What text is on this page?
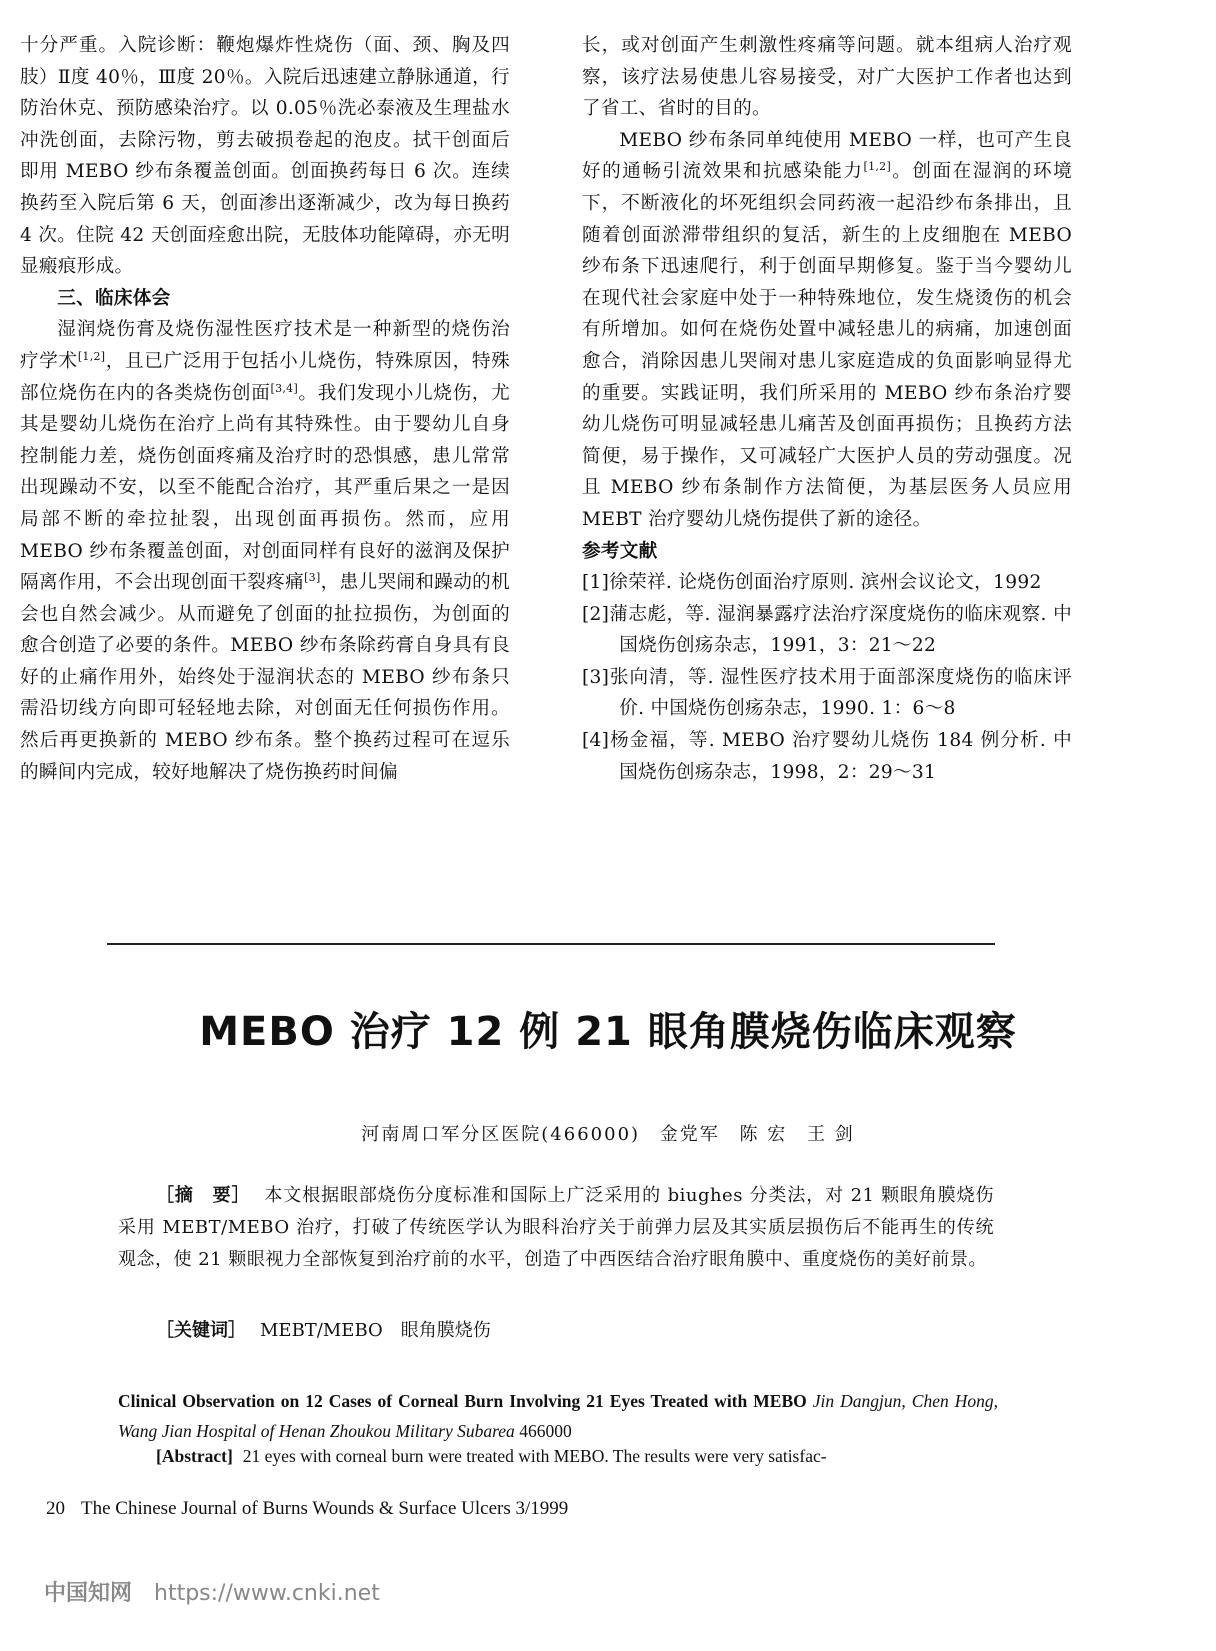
十分严重。入院诊断：鞭炮爆炸性烧伤（面、颈、胸及四肢）Ⅱ度 40％，Ⅲ度 20％。入院后迅速建立静脉通道，行防治休克、预防感染治疗。以 0.05％洗必泰液及生理盐水冲洗创面，去除污物，剪去破损卷起的泡皮。拭干创面后即用 MEBO 纱布条覆盖创面。创面换药每日 6 次。连续换药至入院后第 6 天，创面渗出逐渐减少，改为每日换药 4 次。住院 42 天创面痊愈出院，无肢体功能障碍，亦无明显瘢痕形成。

三、临床体会

湿润烧伤膏及烧伤湿性医疗技术是一种新型的烧伤治疗学术[1,2]，且已广泛用于包括小儿烧伤，特殊原因，特殊部位烧伤在内的各类烧伤创面[3,4]。我们发现小儿烧伤，尤其是婴幼儿烧伤在治疗上尚有其特殊性。由于婴幼儿自身控制能力差，烧伤创面疼痛及治疗时的恐惧感，患儿常常出现躁动不安，以至不能配合治疗，其严重后果之一是因局部不断的牵拉扯裂，出现创面再损伤。然而，应用 MEBO 纱布条覆盖创面，对创面同样有良好的滋润及保护隔离作用，不会出现创面干裂疼痛[3]，患儿哭闹和躁动的机会也自然会减少。从而避免了创面的扯拉损伤，为创面的愈合创造了必要的条件。MEBO 纱布条除药膏自身具有良好的止痛作用外，始终处于湿润状态的 MEBO 纱布条只需沿切线方向即可轻轻地去除，对创面无任何损伤作用。然后再更换新的 MEBO 纱布条。整个换药过程可在逗乐的瞬间内完成，较好地解决了烧伤换药时间偏

长，或对创面产生刺激性疼痛等问题。就本组病人治疗观察，该疗法易使患儿容易接受，对广大医护工作者也达到了省工、省时的目的。

MEBO 纱布条同单纯使用 MEBO 一样，也可产生良好的通畅引流效果和抗感染能力[1,2]。创面在湿润的环境下，不断液化的坏死组织会同药液一起沿纱布条排出，且随着创面淤滞带组织的复活，新生的上皮细胞在 MEBO 纱布条下迅速爬行，利于创面早期修复。鉴于当今婴幼儿在现代社会家庭中处于一种特殊地位，发生烧烫伤的机会有所增加。如何在烧伤处置中减轻患儿的病痛，加速创面愈合，消除因患儿哭闹对患儿家庭造成的负面影响显得尤的重要。实践证明，我们所采用的 MEBO 纱布条治疗婴幼儿烧伤可明显减轻患儿痛苦及创面再损伤；且换药方法简便，易于操作，又可减轻广大医护人员的劳动强度。况且 MEBO 纱布条制作方法简便，为基层医务人员应用 MEBT 治疗婴幼儿烧伤提供了新的途径。

参考文献

[1]徐荣祥. 论烧伤创面治疗原则. 滨州会议论文，1992

[2]蒲志彪，等. 湿润暴露疗法治疗深度烧伤的临床观察. 中国烧伤创疡杂志，1991，3：21～22

[3]张向清，等. 湿性医疗技术用于面部深度烧伤的临床评价. 中国烧伤创疡杂志，1990. 1：6～8

[4]杨金福，等. MEBO 治疗婴幼儿烧伤 184 例分析. 中国烧伤创疡杂志，1998，2：29～31

MEBO 治疗 12 例 21 眼角膜烧伤临床观察

河南周口军分区医院(466000) 金党军 陈 宏 王 剑

［摘　要］ 本文根据眼部烧伤分度标准和国际上广泛采用的 biughes 分类法，对 21 颗眼角膜烧伤采用 MEBT/MEBO 治疗，打破了传统医学认为眼科治疗关于前弹力层及其实质层损伤后不能再生的传统观念，使 21 颗眼视力全部恢复到治疗前的水平，创造了中西医结合治疗眼角膜中、重度烧伤的美好前景。

［关键词］ MEBT/MEBO　眼角膜烧伤

Clinical Observation on 12 Cases of Corneal Burn Involving 21 Eyes Treated with MEBO Jin Dangjun, Chen Hong, Wang Jian Hospital of Henan Zhoukou Military Subarea 466000

[Abstract] 21 eyes with corneal burn were treated with MEBO. The results were very satisfac-

20 The Chinese Journal of Burns Wounds & Surface Ulcers 3/1999

中国知网 https://www.cnki.net
